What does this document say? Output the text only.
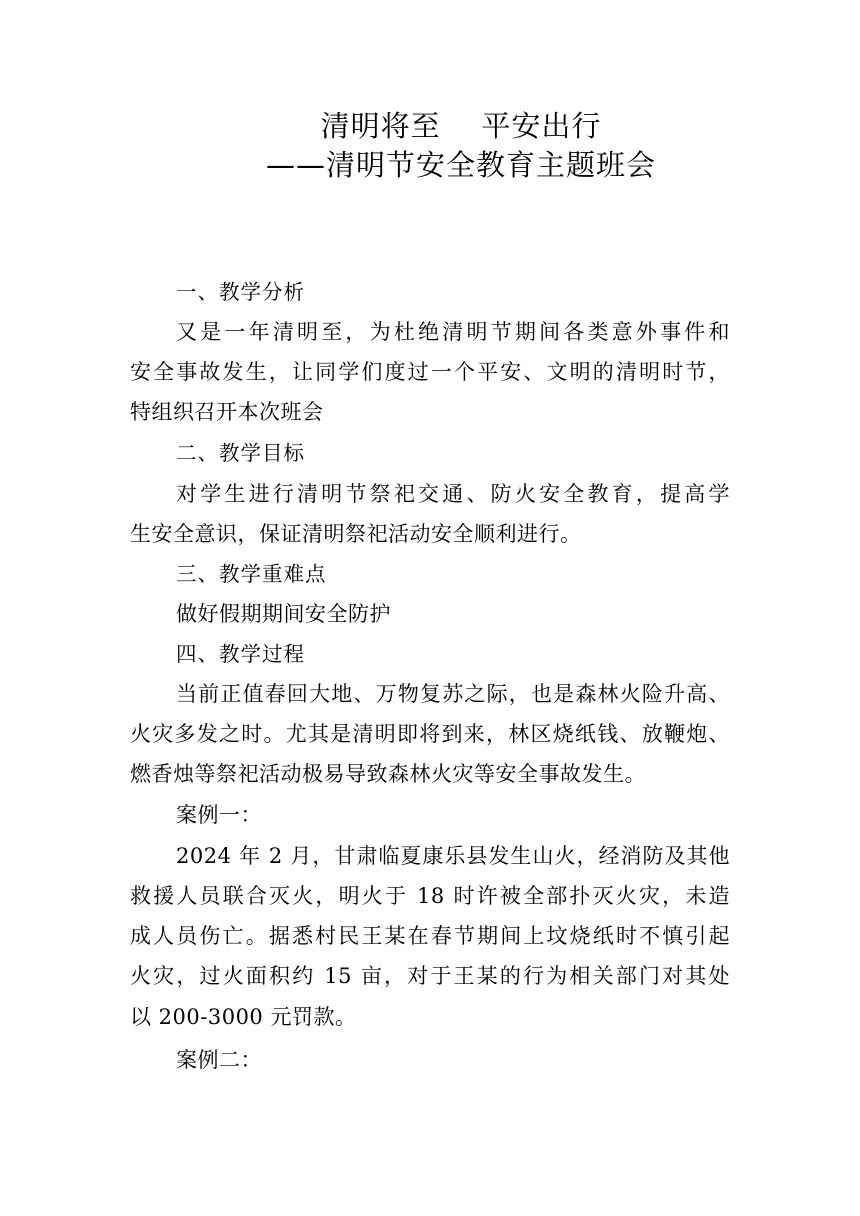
清明将至    平安出行
——清明节安全教育主题班会
一、教学分析
又是一年清明至，为杜绝清明节期间各类意外事件和
安全事故发生，让同学们度过一个平安、文明的清明时节，
特组织召开本次班会
二、教学目标
对学生进行清明节祭祀交通、防火安全教育，提高学
生安全意识，保证清明祭祀活动安全顺利进行。
三、教学重难点
做好假期期间安全防护
四、教学过程
当前正值春回大地、万物复苏之际，也是森林火险升高、
火灾多发之时。尤其是清明即将到来，林区烧纸钱、放鞭炮、
燃香烛等祭祀活动极易导致森林火灾等安全事故发生。
案例一：
2024 年 2 月，甘肃临夏康乐县发生山火，经消防及其他
救援人员联合灭火，明火于 18 时许被全部扑灭火灾，未造
成人员伤亡。据悉村民王某在春节期间上坟烧纸时不慎引起
火灾，过火面积约 15 亩，对于王某的行为相关部门对其处
以 200-3000 元罚款。
案例二：
